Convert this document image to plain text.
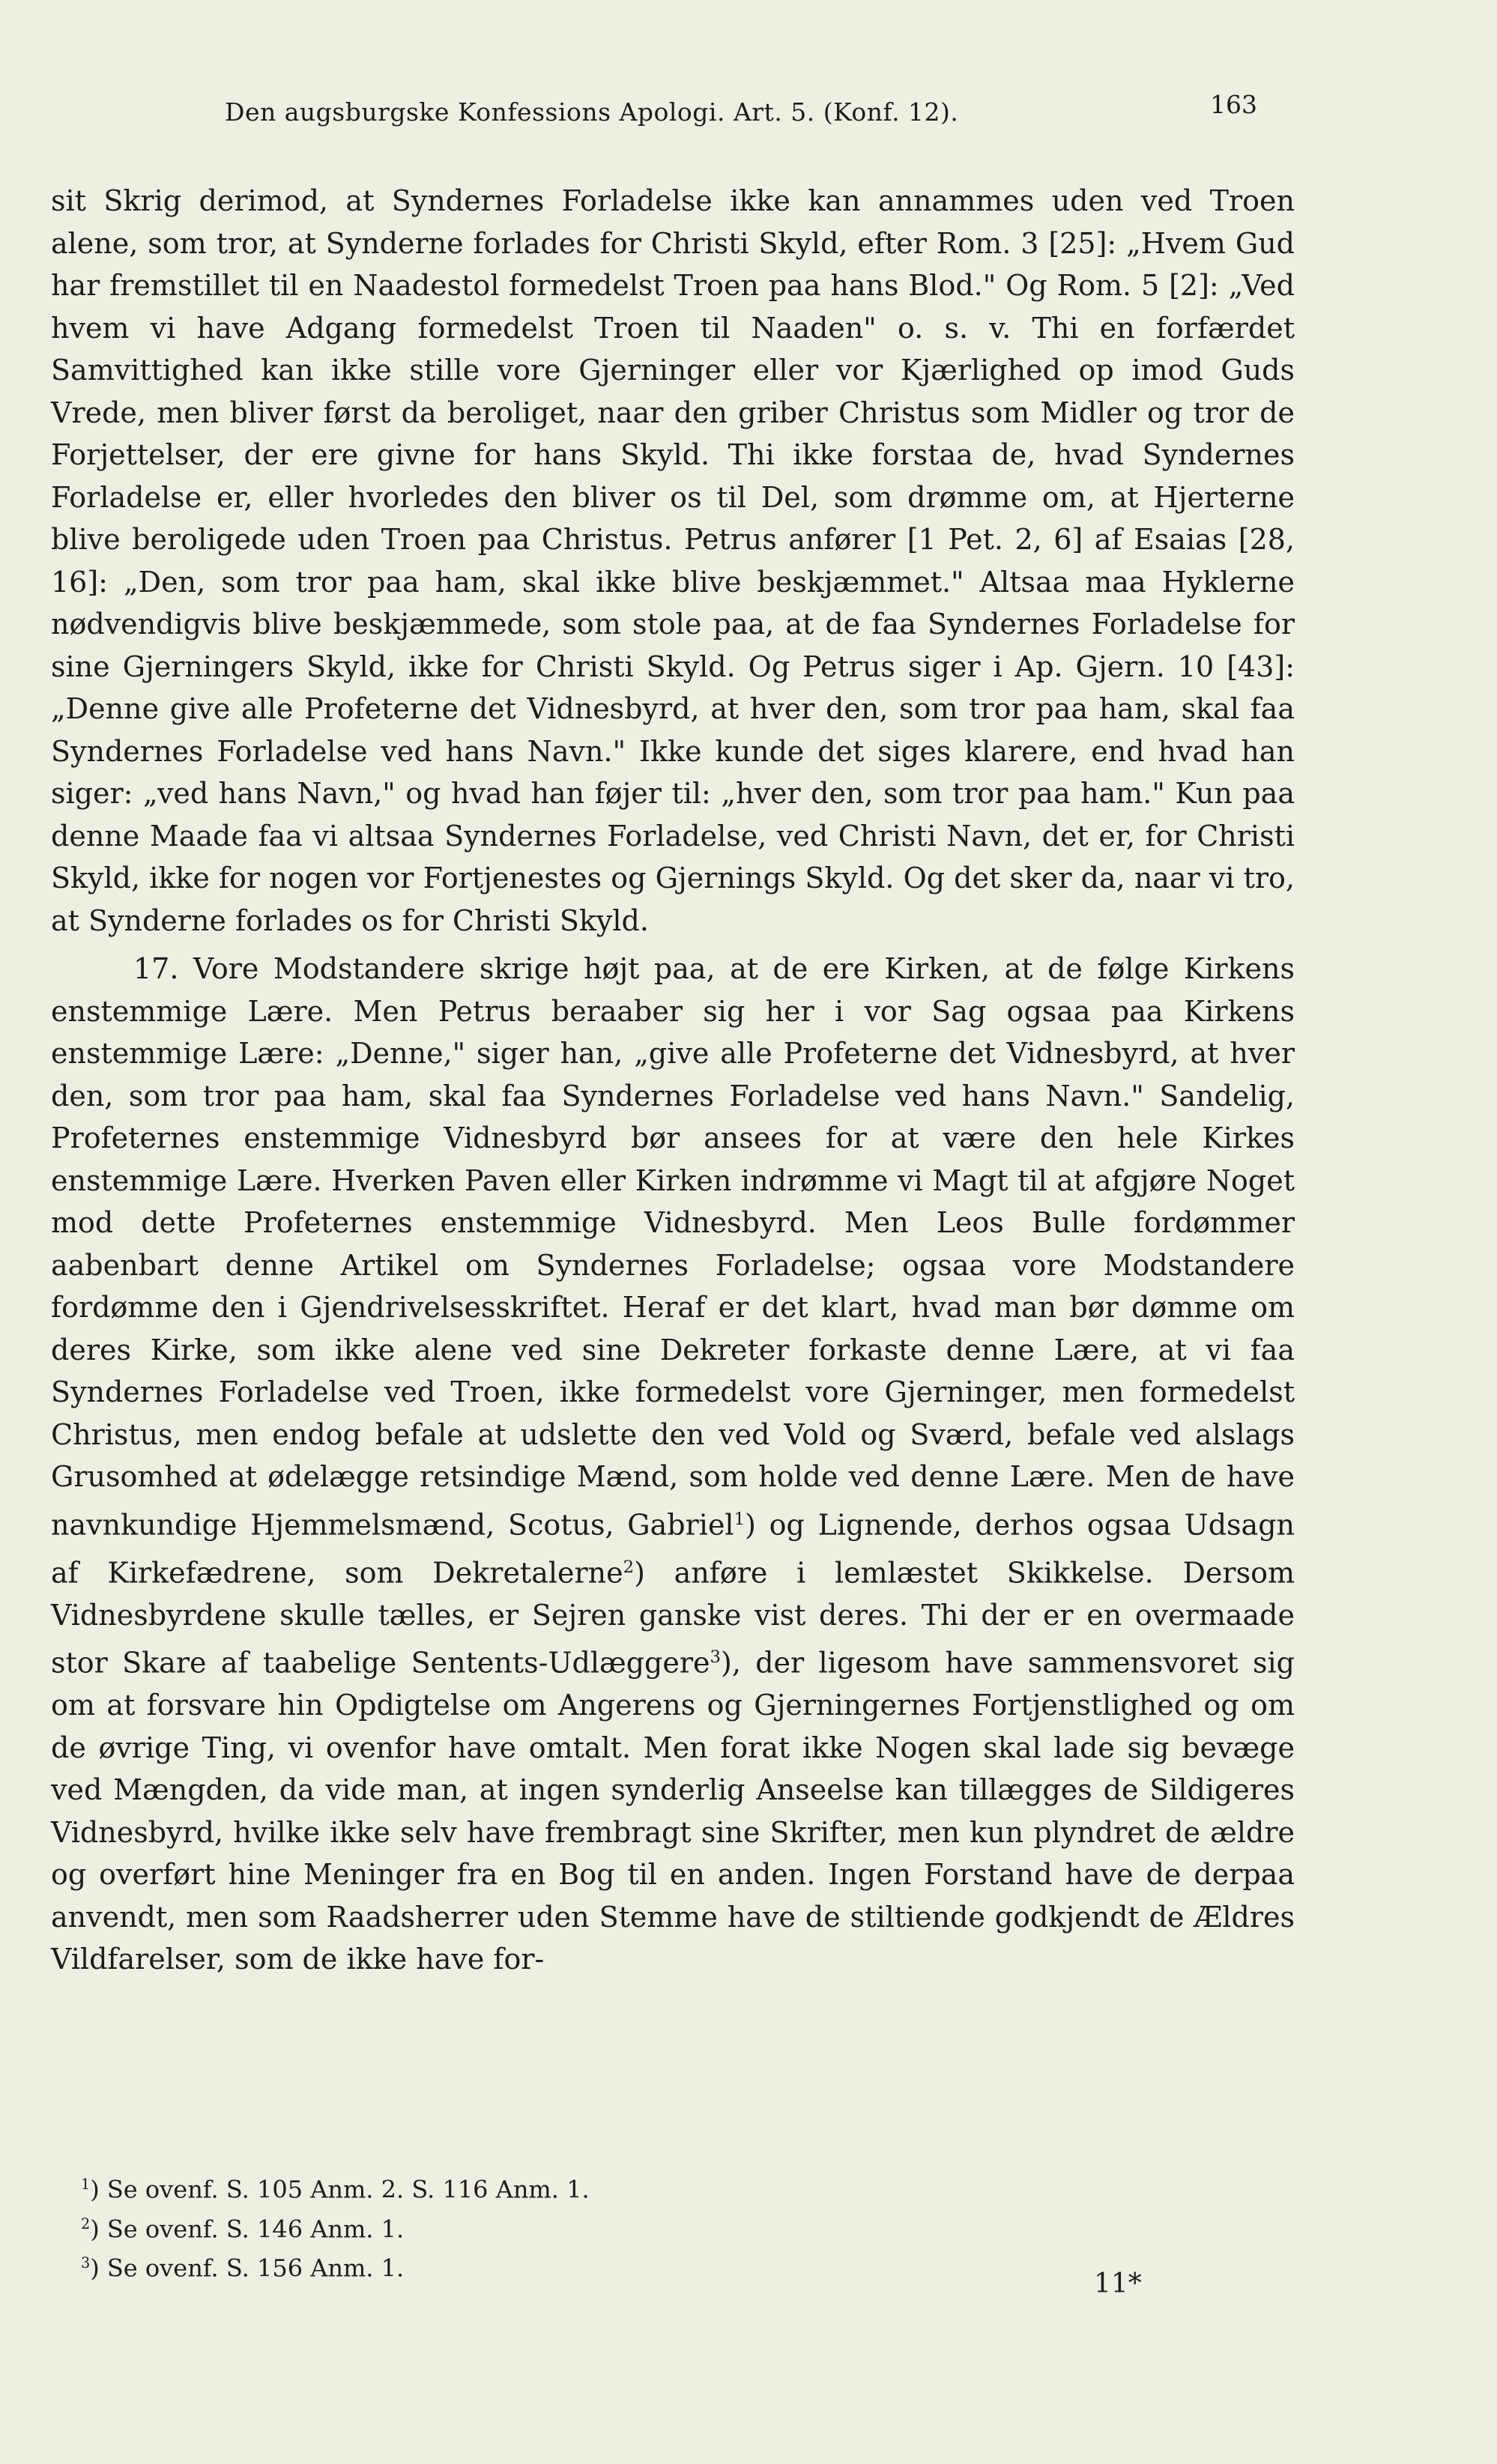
Den augsburgske Konfessions Apologi. Art. 5. (Konf. 12).	163

sit Skrig derimod, at Syndernes Forladelse ikke kan annammes uden ved Troen alene, som tror, at Synderne forlades for Christi Skyld, efter Rom. 3 [25]: „Hvem Gud har fremstillet til en Naadestol formedelst Troen paa hans Blod." Og Rom. 5 [2]: „Ved hvem vi have Adgang formedelst Troen til Naaden" o. s. v. Thi en forfærdet Samvittighed kan ikke stille vore Gjerninger eller vor Kjærlighed op imod Guds Vrede, men bliver først da beroliget, naar den griber Christus som Midler og tror de Forjettelser, der ere givne for hans Skyld. Thi ikke forstaa de, hvad Syndernes Forladelse er, eller hvorledes den bliver os til Del, som drømme om, at Hjerterne blive beroligede uden Troen paa Christus. Petrus anfører [1 Pet. 2, 6] af Esaias [28, 16]: „Den, som tror paa ham, skal ikke blive beskjæmmet." Altsaa maa Hyklerne nødvendigvis blive beskjæmmede, som stole paa, at de faa Syndernes Forladelse for sine Gjerningers Skyld, ikke for Christi Skyld. Og Petrus siger i Ap. Gjern. 10 [43]: „Denne give alle Profeterne det Vidnesbyrd, at hver den, som tror paa ham, skal faa Syndernes Forladelse ved hans Navn." Ikke kunde det siges klarere, end hvad han siger: „ved hans Navn," og hvad han føjer til: „hver den, som tror paa ham." Kun paa denne Maade faa vi altsaa Syndernes Forladelse, ved Christi Navn, det er, for Christi Skyld, ikke for nogen vor Fortjenestes og Gjernings Skyld. Og det sker da, naar vi tro, at Synderne forlades os for Christi Skyld.

17. Vore Modstandere skrige højt paa, at de ere Kirken, at de følge Kirkens enstemmige Lære. Men Petrus beraaber sig her i vor Sag ogsaa paa Kirkens enstemmige Lære: „Denne," siger han, „give alle Profeterne det Vidnesbyrd, at hver den, som tror paa ham, skal faa Syndernes Forladelse ved hans Navn." Sandelig, Profeternes enstemmige Vidnesbyrd bør ansees for at være den hele Kirkes enstemmige Lære. Hverken Paven eller Kirken indrømme vi Magt til at afgjøre Noget mod dette Profeternes enstemmige Vidnesbyrd. Men Leos Bulle fordømmer aabenbart denne Artikel om Syndernes Forladelse; ogsaa vore Modstandere fordømme den i Gjendrivelsesskriftet. Heraf er det klart, hvad man bør dømme om deres Kirke, som ikke alene ved sine Dekreter forkaste denne Lære, at vi faa Syndernes Forladelse ved Troen, ikke formedelst vore Gjerninger, men formedelst Christus, men endog befale at udslette den ved Vold og Sværd, befale ved alslags Grusomhed at ødelægge retsindige Mænd, som holde ved denne Lære. Men de have navnkundige Hjemmelsmænd, Scotus, Gabriel$^1$) og Lignende, derhos ogsaa Udsagn af Kirkefædrene, som Dekretalerne$^2$) anføre i lemlæstet Skikkelse. Dersom Vidnesbyrdene skulle tælles, er Sejren ganske vist deres. Thi der er en overmaade stor Skare af taabelige Sentents-Udlæggere$^3$), der ligesom have sammensvoret sig om at forsvare hin Opdigtelse om Angerens og Gjerningernes Fortjenstlighed og om de øvrige Ting, vi ovenfor have omtalt. Men forat ikke Nogen skal lade sig bevæge ved Mængden, da vide man, at ingen synderlig Anseelse kan tillægges de Sildigeres Vidnesbyrd, hvilke ikke selv have frembragt sine Skrifter, men kun plyndret de ældre og overført hine Meninger fra en Bog til en anden. Ingen Forstand have de derpaa anvendt, men som Raadsherrer uden Stemme have de stiltiende godkjendt de Ældres Vildfarelser, som de ikke have for-

$^1$) Se ovenf. S. 105 Anm. 2. S. 116 Anm. 1.

$^2$) Se ovenf. S. 146 Anm. 1.

$^3$) Se ovenf. S. 156 Anm. 1.

11*
